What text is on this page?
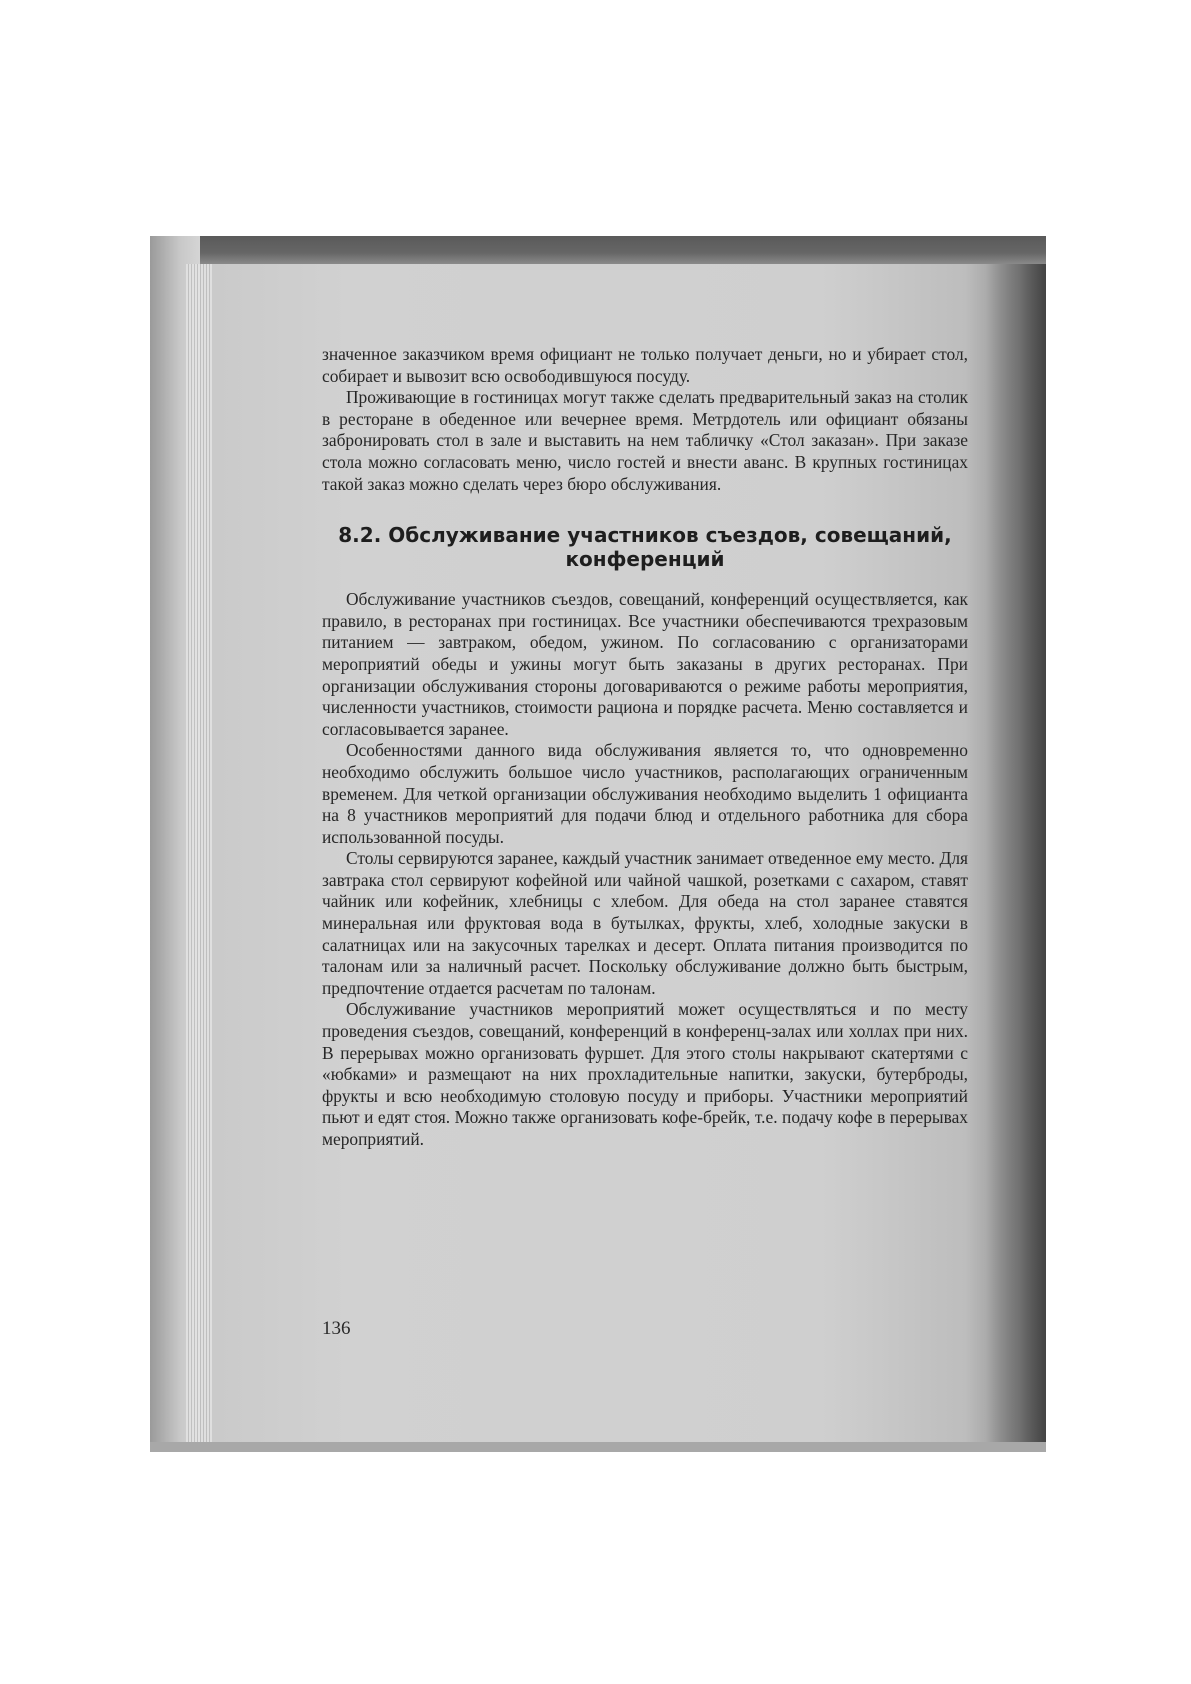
значенное заказчиком время официант не только получает деньги, но и убирает стол, собирает и вывозит всю освободившуюся посуду.

Проживающие в гостиницах могут также сделать предварительный заказ на столик в ресторане в обеденное или вечернее время. Метрдотель или официант обязаны забронировать стол в зале и выставить на нем табличку «Стол заказан». При заказе стола можно согласовать меню, число гостей и внести аванс. В крупных гостиницах такой заказ можно сделать через бюро обслуживания.

8.2. Обслуживание участников съездов, совещаний,
конференций

Обслуживание участников съездов, совещаний, конференций осуществляется, как правило, в ресторанах при гостиницах. Все участники обеспечиваются трехразовым питанием — завтраком, обедом, ужином. По согласованию с организаторами мероприятий обеды и ужины могут быть заказаны в других ресторанах. При организации обслуживания стороны договариваются о режиме работы мероприятия, численности участников, стоимости рациона и порядке расчета. Меню составляется и согласовывается заранее.

Особенностями данного вида обслуживания является то, что одновременно необходимо обслужить большое число участников, располагающих ограниченным временем. Для четкой организации обслуживания необходимо выделить 1 официанта на 8 участников мероприятий для подачи блюд и отдельного работника для сбора использованной посуды.

Столы сервируются заранее, каждый участник занимает отведенное ему место. Для завтрака стол сервируют кофейной или чайной чашкой, розетками с сахаром, ставят чайник или кофейник, хлебницы с хлебом. Для обеда на стол заранее ставятся минеральная или фруктовая вода в бутылках, фрукты, хлеб, холодные закуски в салатницах или на закусочных тарелках и десерт. Оплата питания производится по талонам или за наличный расчет. Поскольку обслуживание должно быть быстрым, предпочтение отдается расчетам по талонам.

Обслуживание участников мероприятий может осуществляться и по месту проведения съездов, совещаний, конференций в конференц-залах или холлах при них. В перерывах можно организовать фуршет. Для этого столы накрывают скатертями с «юбками» и размещают на них прохладительные напитки, закуски, бутерброды, фрукты и всю необходимую столовую посуду и приборы. Участники мероприятий пьют и едят стоя. Можно также организовать кофе-брейк, т.е. подачу кофе в перерывах мероприятий.

136
